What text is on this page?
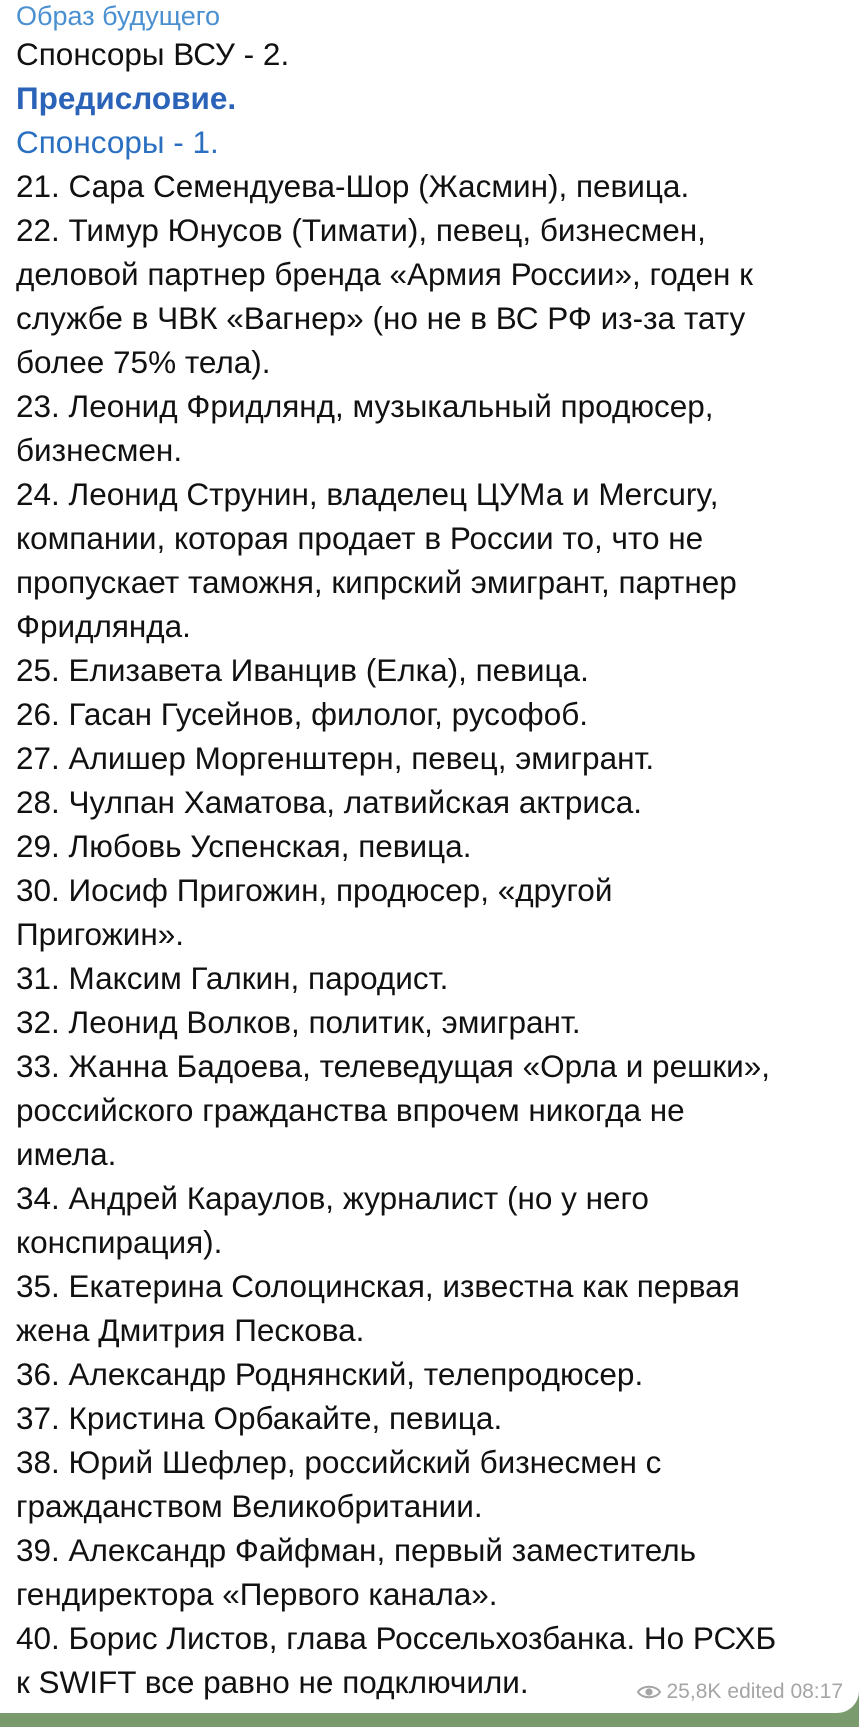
Образ будущего
Спонсоры ВСУ - 2.
Предисловие.
Спонсоры - 1.
21. Сара Семендуева-Шор (Жасмин), певица.
22. Тимур Юнусов (Тимати), певец, бизнесмен,
деловой партнер бренда «Армия России», годен к
службе в ЧВК «Вагнер» (но не в ВС РФ из-за тату
более 75% тела).
23. Леонид Фридлянд, музыкальный продюсер,
бизнесмен.
24. Леонид Струнин, владелец ЦУМа и Mercury,
компании, которая продает в России то, что не
пропускает таможня, кипрский эмигрант, партнер
Фридлянда.
25. Елизавета Иванцив (Елка), певица.
26. Гасан Гусейнов, филолог, русофоб.
27. Алишер Моргенштерн, певец, эмигрант.
28. Чулпан Хаматова, латвийская актриса.
29. Любовь Успенская, певица.
30. Иосиф Пригожин, продюсер, «другой
Пригожин».
31. Максим Галкин, пародист.
32. Леонид Волков, политик, эмигрант.
33. Жанна Бадоева, телеведущая «Орла и решки»,
российского гражданства впрочем никогда не
имела.
34. Андрей Караулов, журналист (но у него
конспирация).
35. Екатерина Солоцинская, известна как первая
жена Дмитрия Пескова.
36. Александр Роднянский, телепродюсер.
37. Кристина Орбакайте, певица.
38. Юрий Шефлер, российский бизнесмен с
гражданством Великобритании.
39. Александр Файфман, первый заместитель
гендиректора «Первого канала».
40. Борис Листов, глава Россельхозбанка. Но РСХБ
к SWIFT все равно не подключили.	25,8K edited 08:17
